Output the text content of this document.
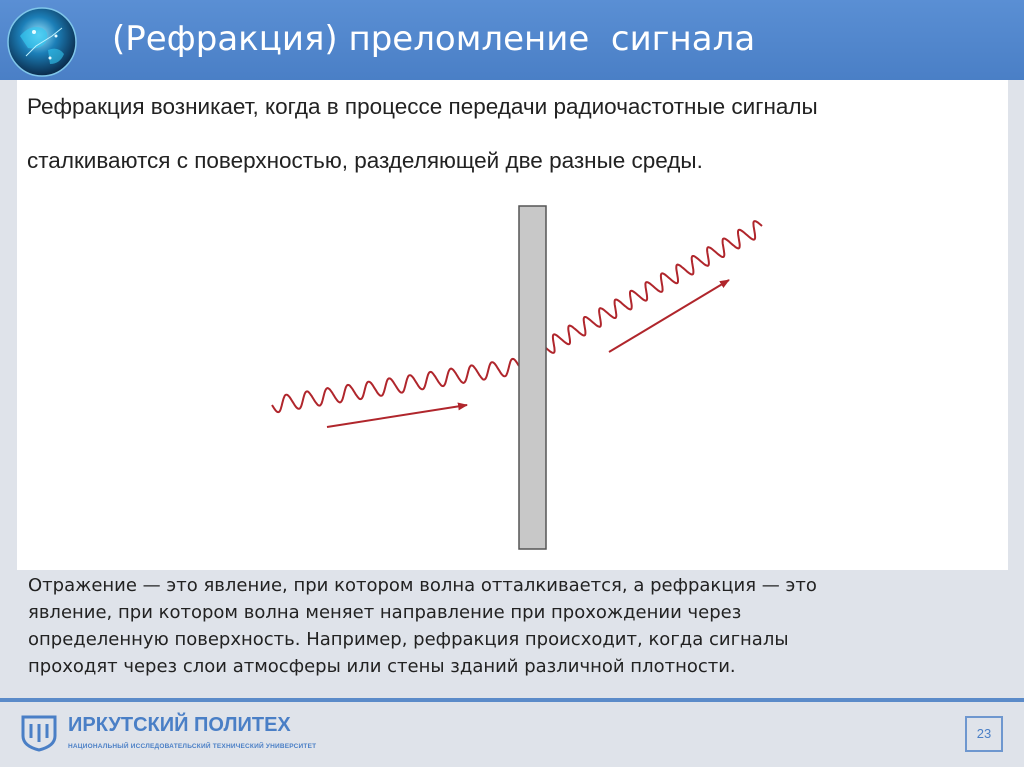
(Рефракция) преломление  сигнала
Рефракция возникает, когда в процессе передачи радиочастотные сигналы
сталкиваются с поверхностью, разделяющей две разные среды.
Отражение — это явление, при котором волна отталкивается, а рефракция — это
явление, при котором волна меняет направление при прохождении через
определенную поверхность. Например, рефракция происходит, когда сигналы
проходят через слои атмосферы или стены зданий различной плотности.
ИРКУТСКИЙ ПОЛИТЕХ
НАЦИОНАЛЬНЫЙ ИССЛЕДОВАТЕЛЬСКИЙ ТЕХНИЧЕСКИЙ УНИВЕРСИТЕТ
23
